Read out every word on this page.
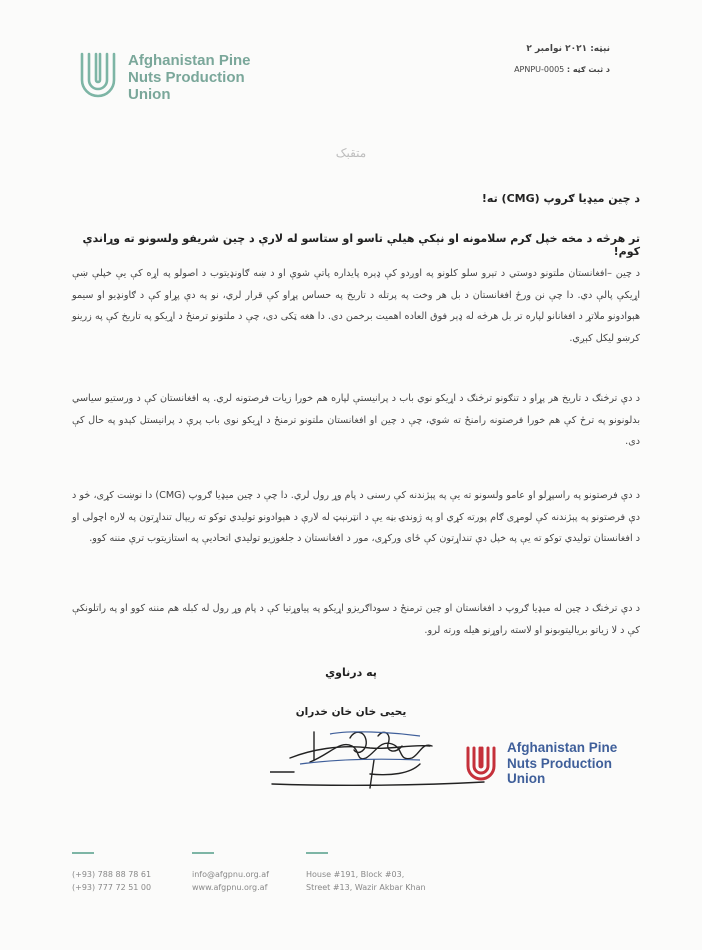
Afghanistan Pine
Nuts Production
Union
نېټه: ۲۰۲۱ نوامبر ۲
د ثبت ګڼه : APNPU-0005
متقبک
د چين ميډيا ګروپ (CMG) ته!
تر هرڅه د مخه خپل ګرم سلامونه او نېکې هيلې تاسو او ستاسو له لارې د چين شريفو ولسونو ته وړاندې کوم!
د چين –افغانستان ملتونو دوستي د تېرو سلو کلونو په اوږدو کې ډېره پايداره پاتې شوې او د ښه ګاونډيتوب د اصولو په اړه کې يې خپلې ښې اړيکې پالې دي. دا چې نن ورځ افغانستان د بل هر وخت په پرتله د تاريخ په حساس پړاو کې قرار لري، نو په دې پړاو کې د ګاونډيو او سيمو هېوادونو ملاتړ د افغانانو لپاره تر بل هرڅه له ډېر فوق العاده اهميت برخمن دی. دا هغه ټکی دی، چې د ملتونو ترمنځ د اړيکو په تاريخ کې په زرينو کرښو ليکل کېږي.
د دې ترڅنګ د تاريخ هر پړاو د تنګونو ترڅنګ د اړيکو نوي باب د پرانيستې لپاره هم خورا زيات فرصتونه لري. په افغانستان کې د ورستيو سياسي بدلونونو په ترڅ کې هم خورا فرصتونه رامنځ ته شوي، چې د چين او افغانستان ملتونو ترمنځ د اړيکو نوی باب پرې د پرانيستل کېدو په حال کې دی.
د دې فرصتونو په راسپړلو او عامو ولسونو ته يې په پېژندنه کې رسنی د پام وړ رول لري. دا چې د چين ميډيا ګروپ (CMG) دا نوښت کړی، څو د دې فرصتونو په پېژندنه کې لومړی ګام پورته کړي او په ژوندۍ بڼه يې د انټرنېټ له لارې د هېوادونو توليدي توکو ته ريپال تنداړتون په لاره اچولی او د افغانستان توليدي توکو ته يې په خپل دې تنداړتون کې ځای ورکړی، مور د افغانستان د جلغوزيو توليدي اتحاديې په استازيتوب ترې مننه کوو.
د دې ترڅنګ د چين له ميډيا ګروپ د افغانستان او چين ترمنځ د سوداګريزو اړيکو په پياوړتيا کې د پام وړ رول له کبله هم مننه کوو او په راتلونکې کې د لا زياتو برياليتوبونو او لاسته راوړنو هيله ورته لرو.
په درناوي
يحيی خان خان خدران
Afghanistan Pine
Nuts Production
Union
(+93) 788 88 78 61
(+93) 777 72 51 00
info@afgpnu.org.af
www.afgpnu.org.af
House #191, Block #03,
Street #13, Wazir Akbar Khan
